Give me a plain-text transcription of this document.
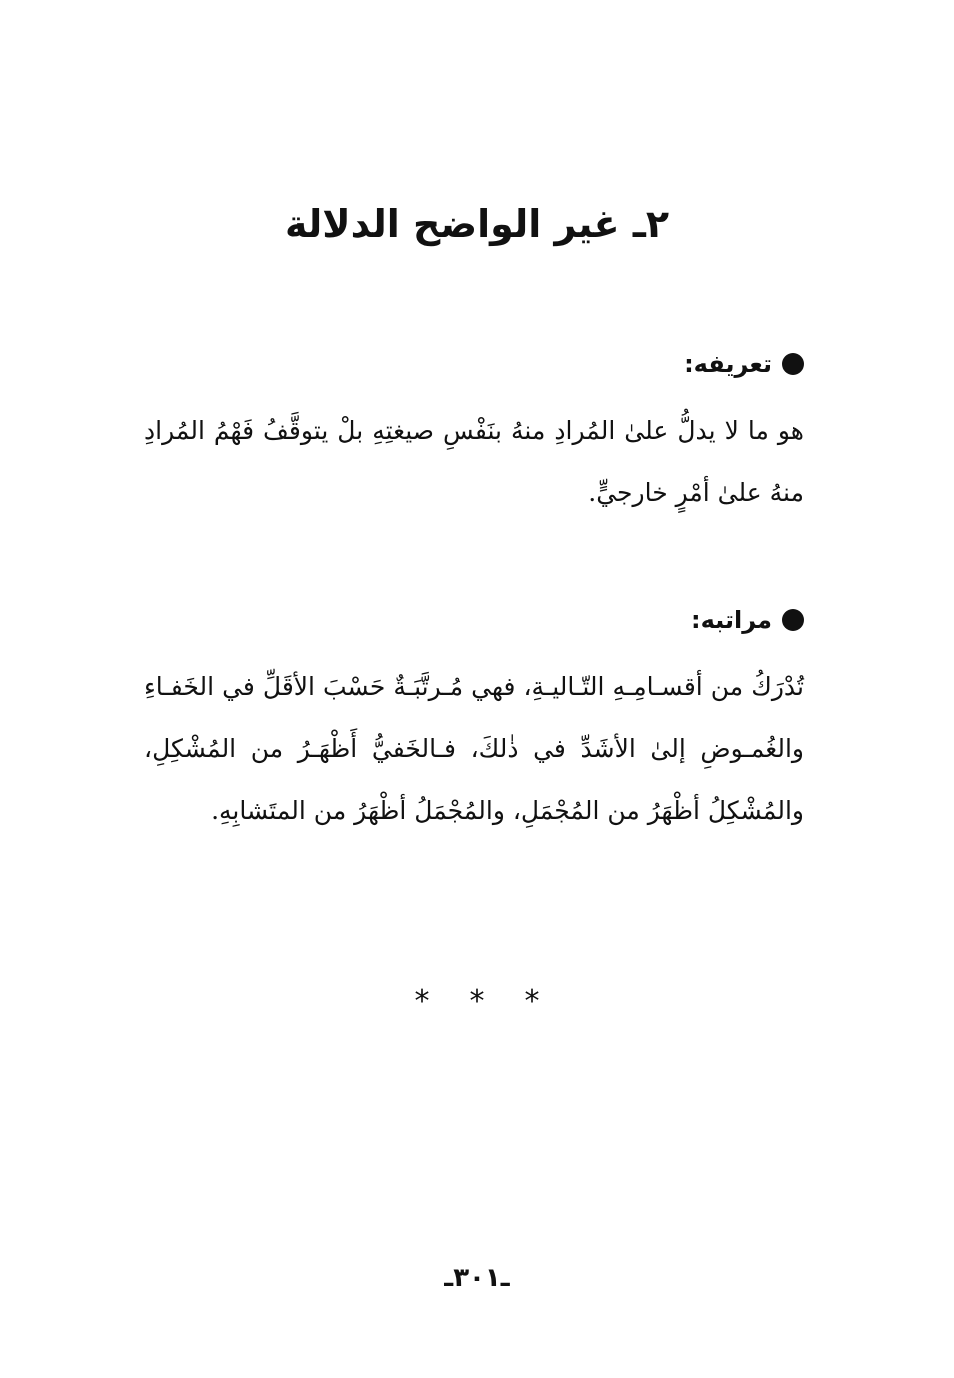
٢ـ غير الواضح الدلالة
تعريفه:

هو ما لا يدلُّ علىٰ المُرادِ منهُ بنَفْسِ صيغتِهِ بلْ يتوقَّفُ فَهْمُ المُرادِ منهُ علىٰ أمْرٍ خارجيٍّ.

مراتبه:

تُدْرَكُ من أقسـامِـهِ التّـاليـةِ، فهي مُـرتَّبَـةٌ حَسْبَ الأقَلِّ في الخَفـاءِ والغُمـوضِ إلىٰ الأشَدِّ في ذٰلكَ، فـالخَفيُّ أَظْهَـرُ من المُشْكِلِ، والمُشْكِلُ أظْهَرُ من المُجْمَلِ، والمُجْمَلُ أظْهَرُ من المتَشابِهِ.

*
*
*
ـ٣٠١ـ
